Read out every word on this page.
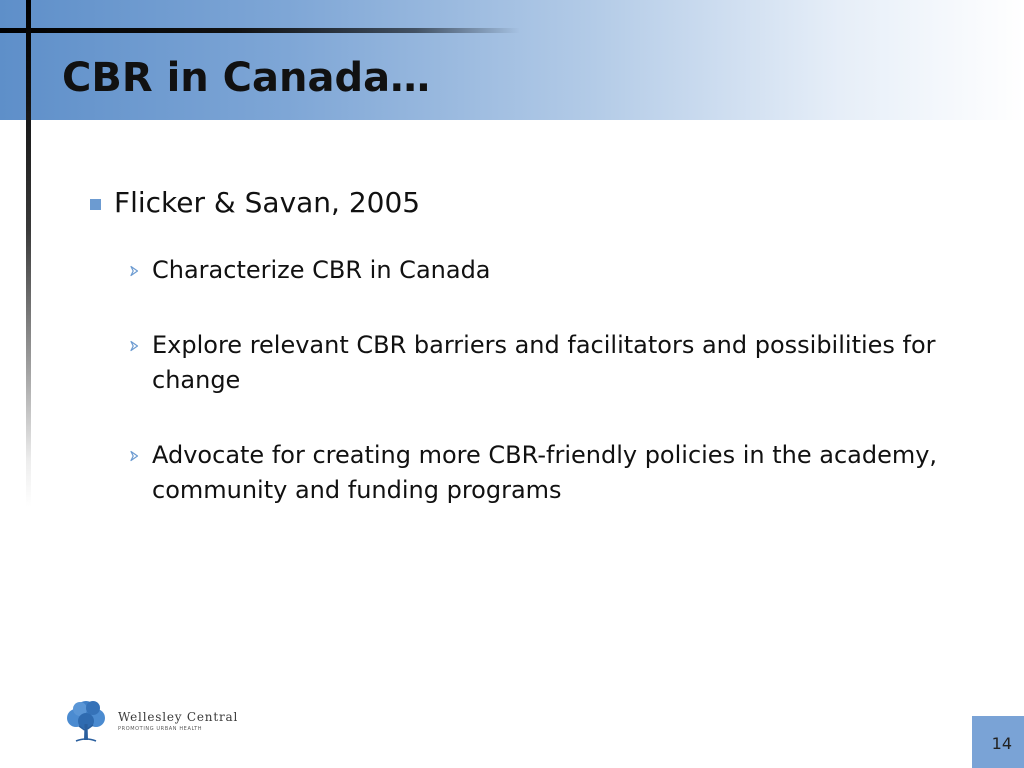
CBR in Canada…
Flicker & Savan, 2005
Characterize CBR in Canada
Explore relevant CBR barriers and facilitators and possibilities for change
Advocate for creating more CBR-friendly policies in the academy, community and funding programs
Wellesley Central
PROMOTING URBAN HEALTH
14
